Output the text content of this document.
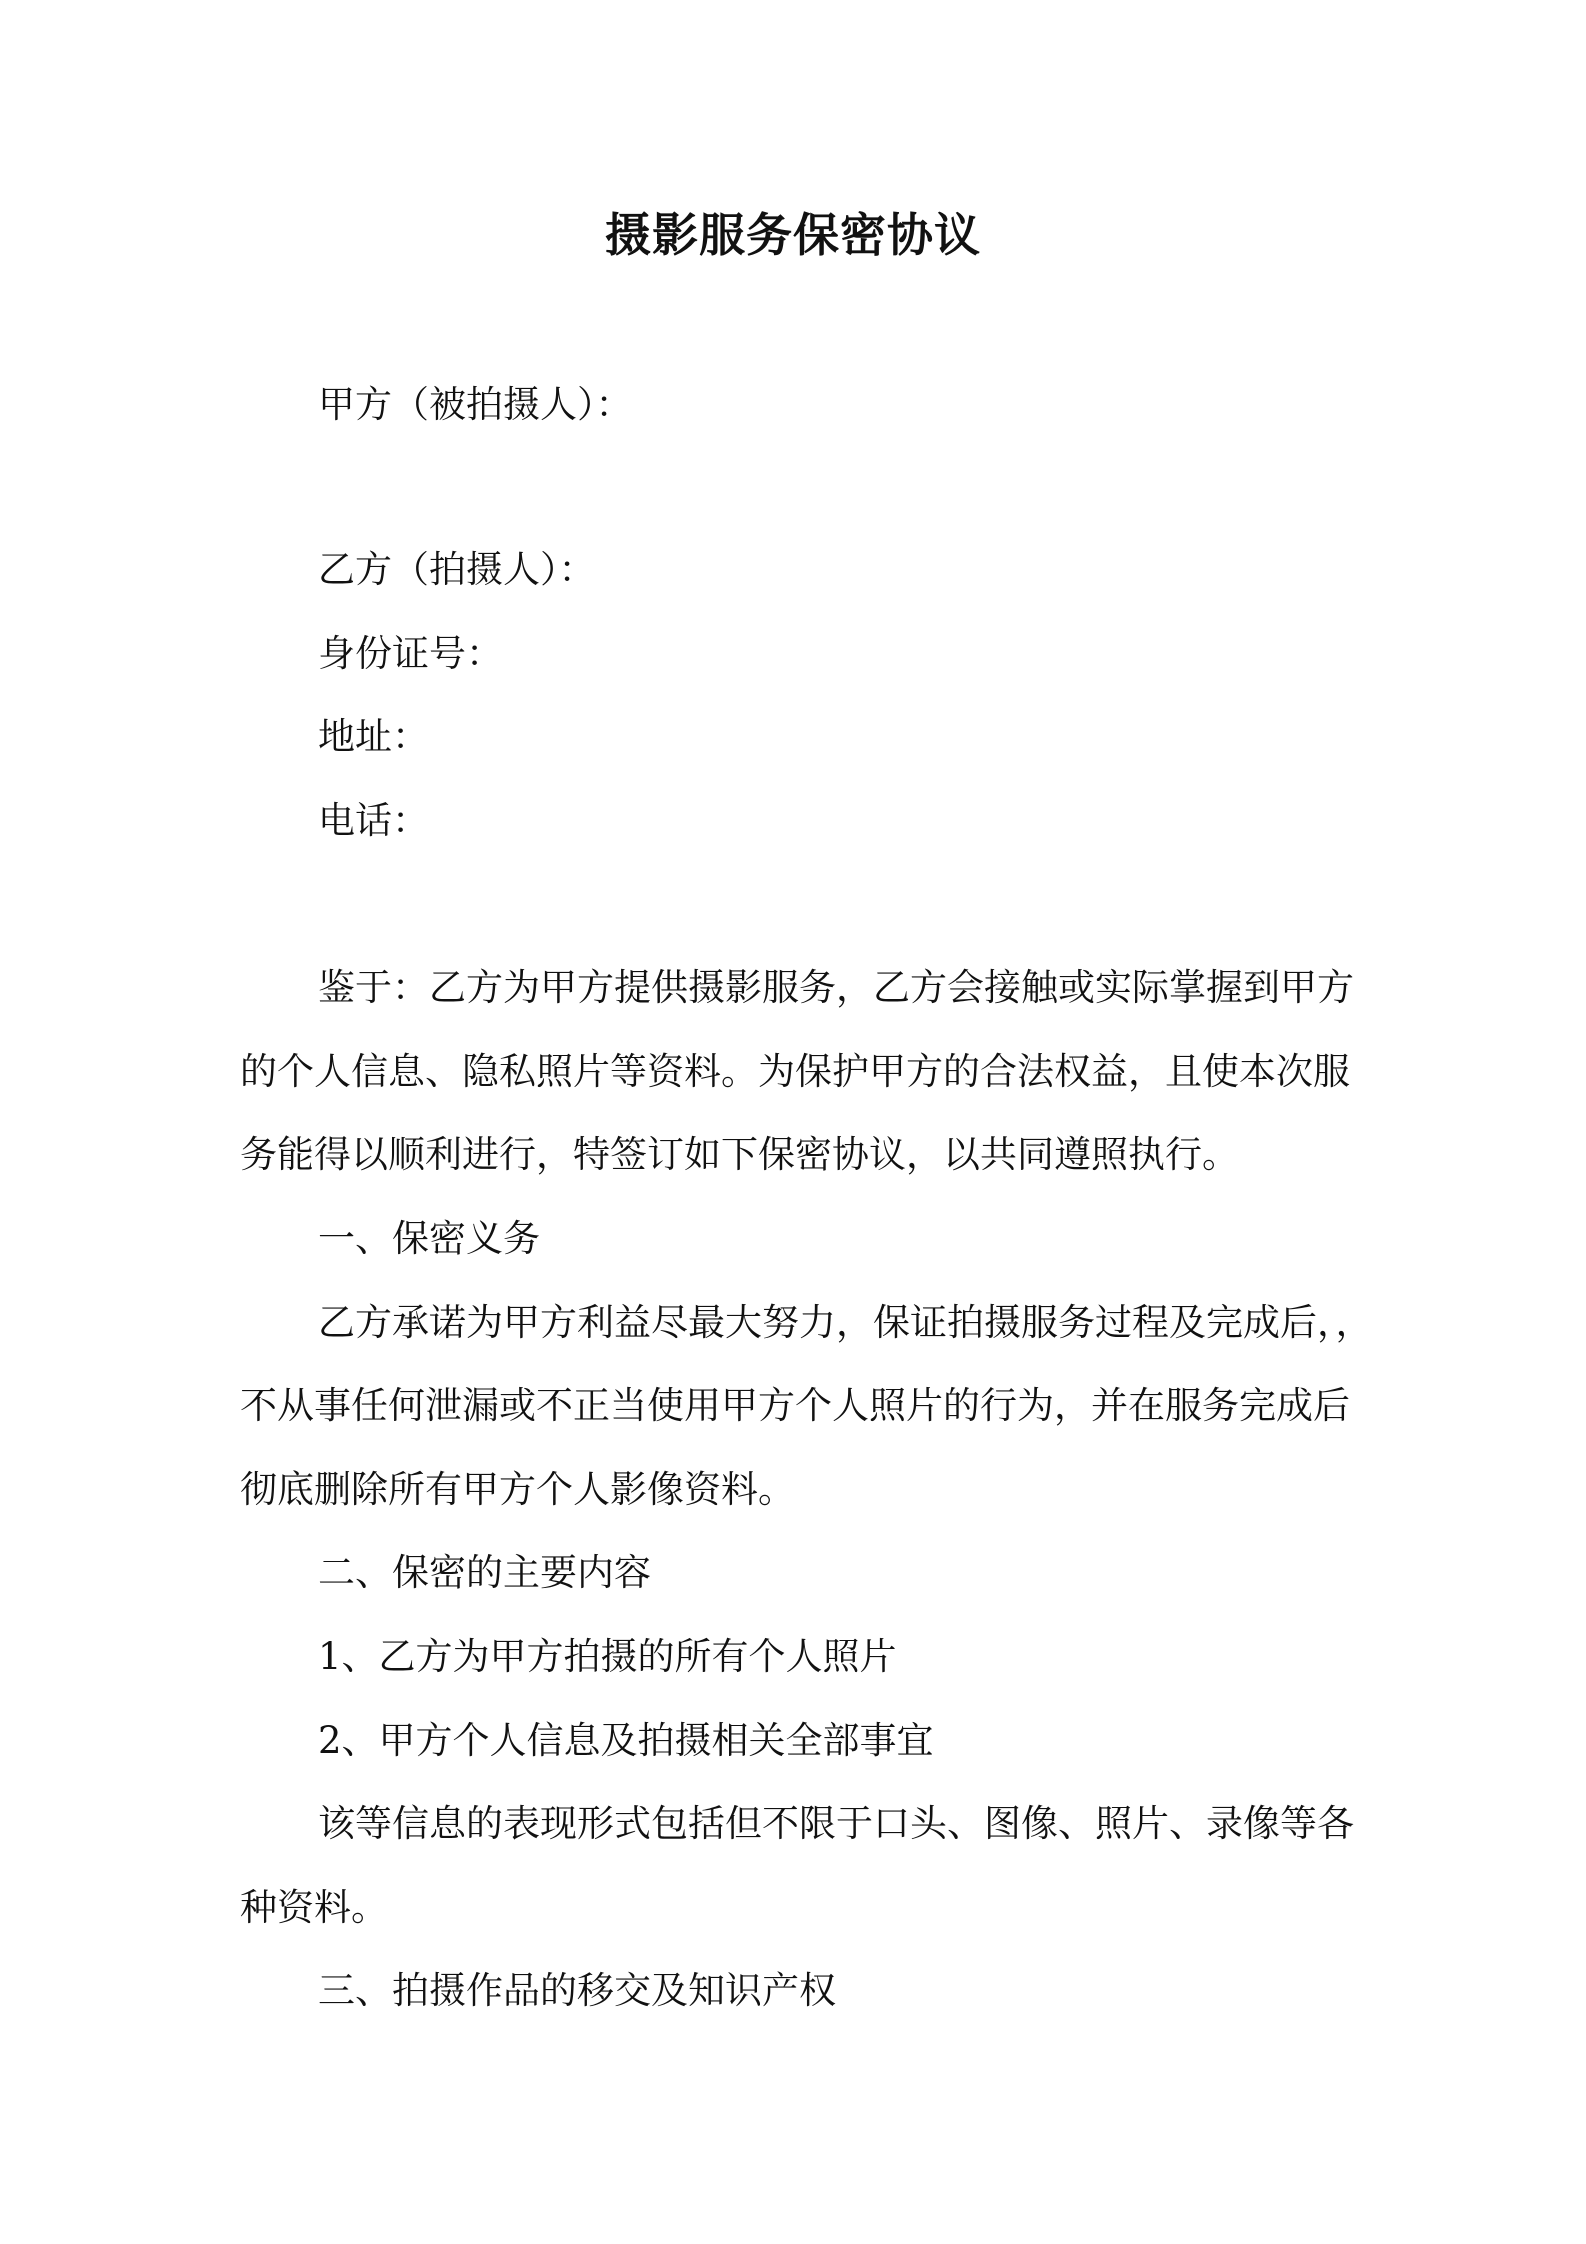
摄影服务保密协议
甲方（被拍摄人）：
乙方（拍摄人）：
身份证号：
地址：
电话：
鉴于：乙方为甲方提供摄影服务，乙方会接触或实际掌握到甲方
的个人信息、隐私照片等资料。为保护甲方的合法权益，且使本次服
务能得以顺利进行，特签订如下保密协议，以共同遵照执行。
一、保密义务
乙方承诺为甲方利益尽最大努力，保证拍摄服务过程及完成后，，
不从事任何泄漏或不正当使用甲方个人照片的行为，并在服务完成后
彻底删除所有甲方个人影像资料。
二、保密的主要内容
1、乙方为甲方拍摄的所有个人照片
2、甲方个人信息及拍摄相关全部事宜
该等信息的表现形式包括但不限于口头、图像、照片、录像等各
种资料。
三、拍摄作品的移交及知识产权
